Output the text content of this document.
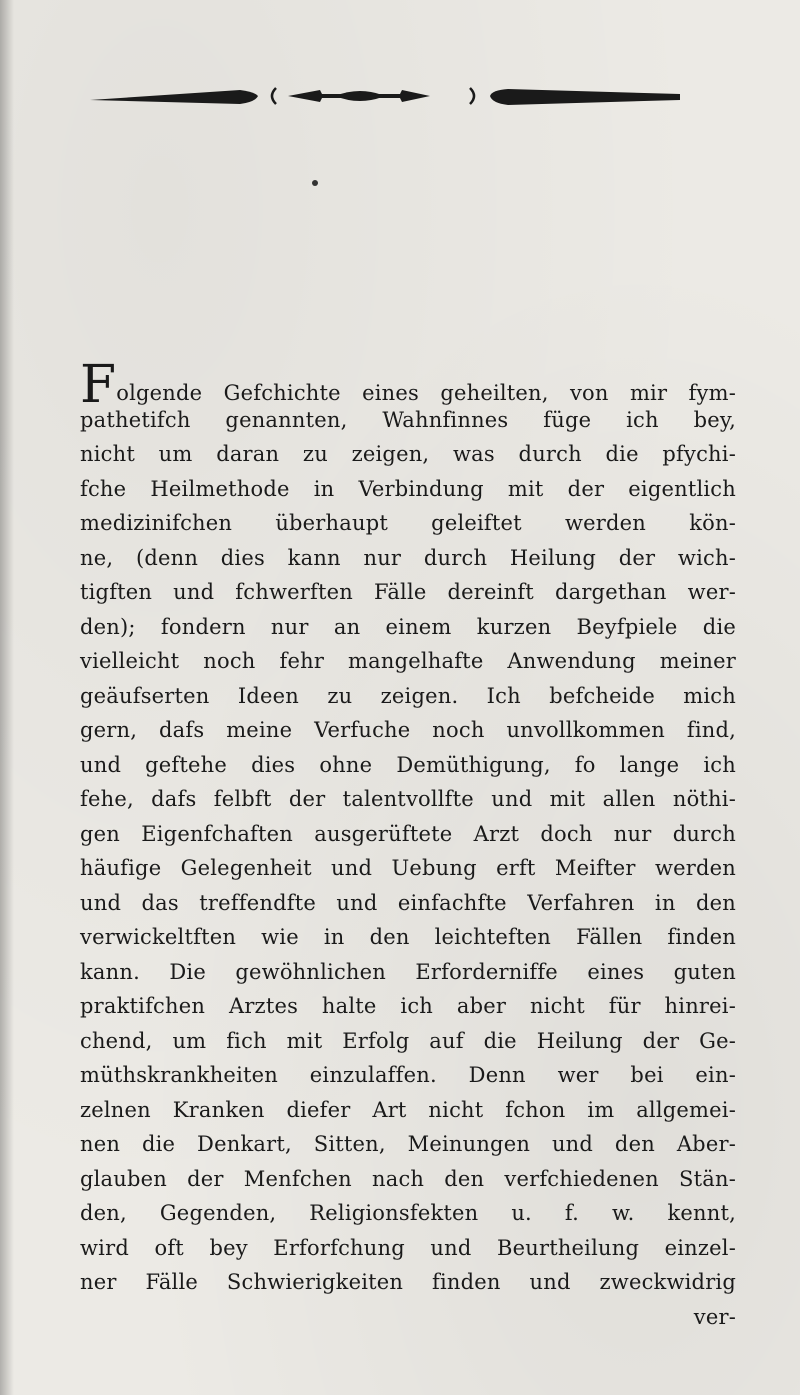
Folgende Gefchichte eines geheilten, von mir fym-
pathetifch genannten, Wahnfinnes füge ich bey,
nicht um daran zu zeigen, was durch die pfychi-
fche Heilmethode in Verbindung mit der eigentlich
medizinifchen überhaupt geleiftet werden kön-
ne, (denn dies kann nur durch Heilung der wich-
tigften und fchwerften Fälle dereinft dargethan wer-
den); fondern nur an einem kurzen Beyfpiele die
vielleicht noch fehr mangelhafte Anwendung meiner
geäufserten Ideen zu zeigen. Ich befcheide mich
gern, dafs meine Verfuche noch unvollkommen find,
und geftehe dies ohne Demüthigung, fo lange ich
fehe, dafs felbft der talentvollfte und mit allen nöthi-
gen Eigenfchaften ausgerüftete Arzt doch nur durch
häufige Gelegenheit und Uebung erft Meifter werden
und das treffendfte und einfachfte Verfahren in den
verwickeltften wie in den leichteften Fällen finden
kann. Die gewöhnlichen Erforderniffe eines guten
praktifchen Arztes halte ich aber nicht für hinrei-
chend, um fich mit Erfolg auf die Heilung der Ge-
müthskrankheiten einzulaffen. Denn wer bei ein-
zelnen Kranken diefer Art nicht fchon im allgemei-
nen die Denkart, Sitten, Meinungen und den Aber-
glauben der Menfchen nach den verfchiedenen Stän-
den, Gegenden, Religionsfekten u. f. w. kennt,
wird oft bey Erforfchung und Beurtheilung einzel-
ner Fälle Schwierigkeiten finden und zweckwidrig
ver-
